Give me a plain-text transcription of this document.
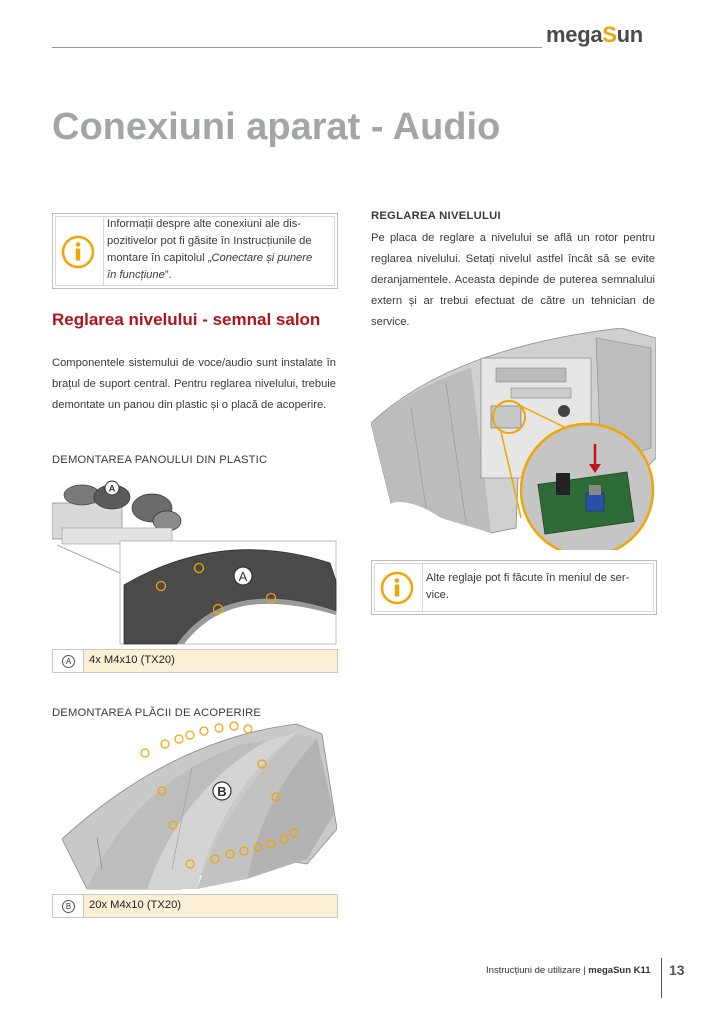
megaSun
Conexiuni aparat - Audio
Informații despre alte conexiuni ale dis-
pozitivelor pot fi găsite în Instrucțiunile de
montare în capitolul „Conectare și punere
în funcțiune”.
Reglarea nivelului - semnal salon
Componentele sistemului de voce/audio sunt instalate în brațul de suport central. Pentru reglarea nivelului, trebuie demontate un panou din plastic și o placă de acoperire.
DEMONTAREA PANOULUI DIN PLASTIC
A
A
A	4x M4x10 (TX20)
DEMONTAREA PLĂCII DE ACOPERIRE
B
B	20x M4x10 (TX20)
REGLAREA NIVELULUI
Pe placa de reglare a nivelului se află un rotor pentru reglarea nivelului. Setați nivelul astfel încât să se evite deranjamentele. Aceasta depinde de puterea semnalului extern și ar trebui efectuat de către un tehnician de service.
Alte reglaje pot fi făcute în meniul de ser-
vice.
Instrucțiuni de utilizare | megaSun K11 13
